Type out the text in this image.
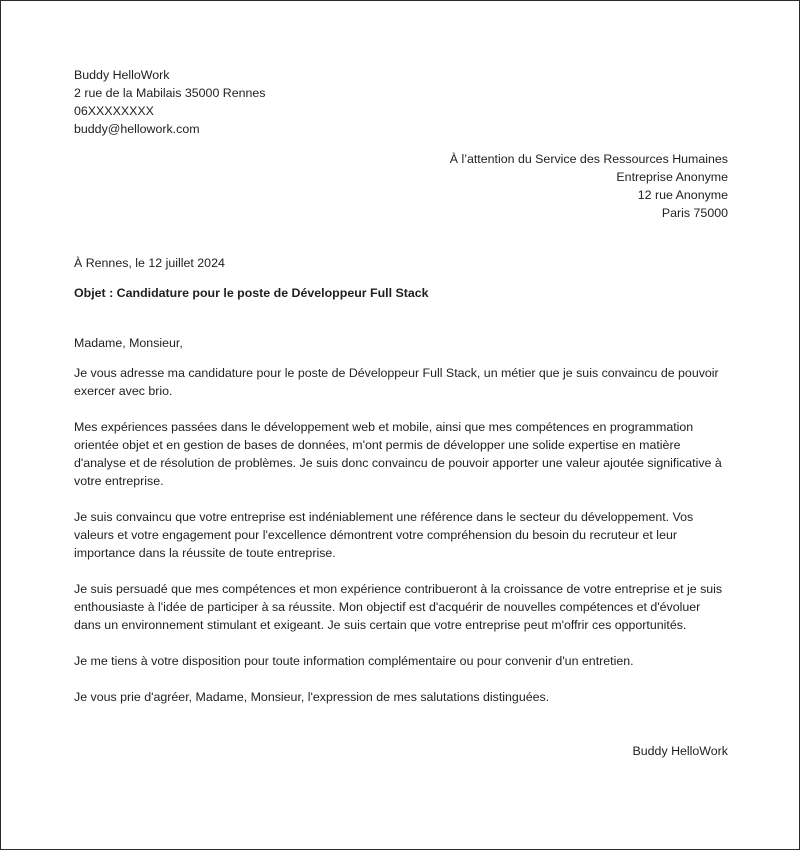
Buddy HelloWork
2 rue de la Mabilais 35000 Rennes
06XXXXXXXX
buddy@hellowork.com
À l’attention du Service des Ressources Humaines
Entreprise Anonyme
12 rue Anonyme
Paris 75000
À Rennes, le 12 juillet 2024
Objet : Candidature pour le poste de Développeur Full Stack
Madame, Monsieur,

Je vous adresse ma candidature pour le poste de Développeur Full Stack, un métier que je suis convaincu de pouvoir exercer avec brio.

Mes expériences passées dans le développement web et mobile, ainsi que mes compétences en programmation orientée objet et en gestion de bases de données, m'ont permis de développer une solide expertise en matière d'analyse et de résolution de problèmes. Je suis donc convaincu de pouvoir apporter une valeur ajoutée significative à votre entreprise.

Je suis convaincu que votre entreprise est indéniablement une référence dans le secteur du développement. Vos valeurs et votre engagement pour l'excellence démontrent votre compréhension du besoin du recruteur et leur importance dans la réussite de toute entreprise.

Je suis persuadé que mes compétences et mon expérience contribueront à la croissance de votre entreprise et je suis enthousiaste à l'idée de participer à sa réussite. Mon objectif est d'acquérir de nouvelles compétences et d'évoluer dans un environnement stimulant et exigeant. Je suis certain que votre entreprise peut m'offrir ces opportunités.

Je me tiens à votre disposition pour toute information complémentaire ou pour convenir d'un entretien.

Je vous prie d'agréer, Madame, Monsieur, l'expression de mes salutations distinguées.

Buddy HelloWork
